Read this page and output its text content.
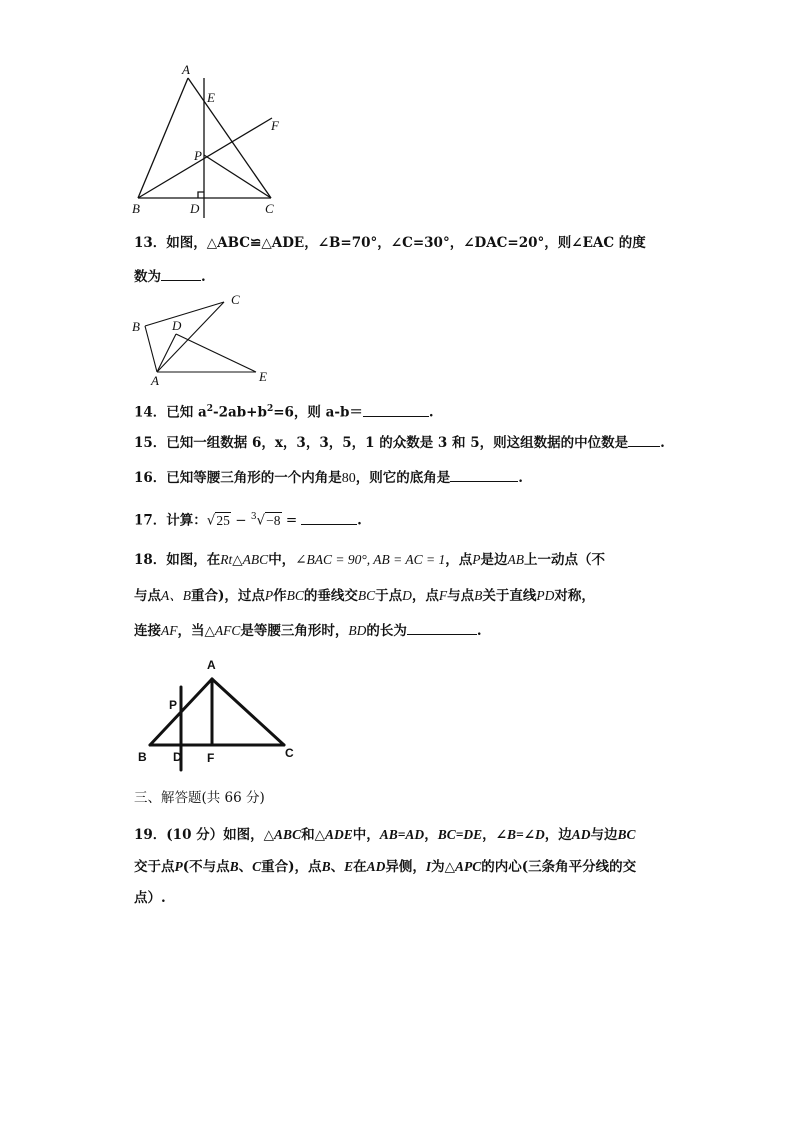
A
E
F
P
B	D	C
13．如图，△ABC≌△ADE，∠B=70°，∠C=30°，∠DAC=20°，则∠EAC 的度
数为	.
B D
C
A	E
14．已知 $a^2-2ab+b^2=6$，则 a-b＝	.
15．已知一组数据 6，x，3，3，5，1 的众数是 3 和 5，则这组数据的中位数是 .
16．已知等腰三角形的一个内角是80，则它的底角是	.
17．计算：√25 − $^3$√−8 =	.
18．如图，在Rt△ABC中，∠BAC = 90°, AB = AC = 1，点P是边AB上一动点（不
与点A、B重合)，过点P作BC的垂线交BC于点D，点F与点B关于直线PD对称，
连接AF，当△AFC是等腰三角形时，BD的长为	.
A
P
B D F	C
三、解答题(共 66 分)
19．(10 分）如图，△ABC和△ADE中，AB=AD，BC=DE，∠B=∠D，边AD与边BC
交于点P(不与点B、C重合)，点B、E在AD异侧，I为△APC的内心(三条角平分线的交
点）.
